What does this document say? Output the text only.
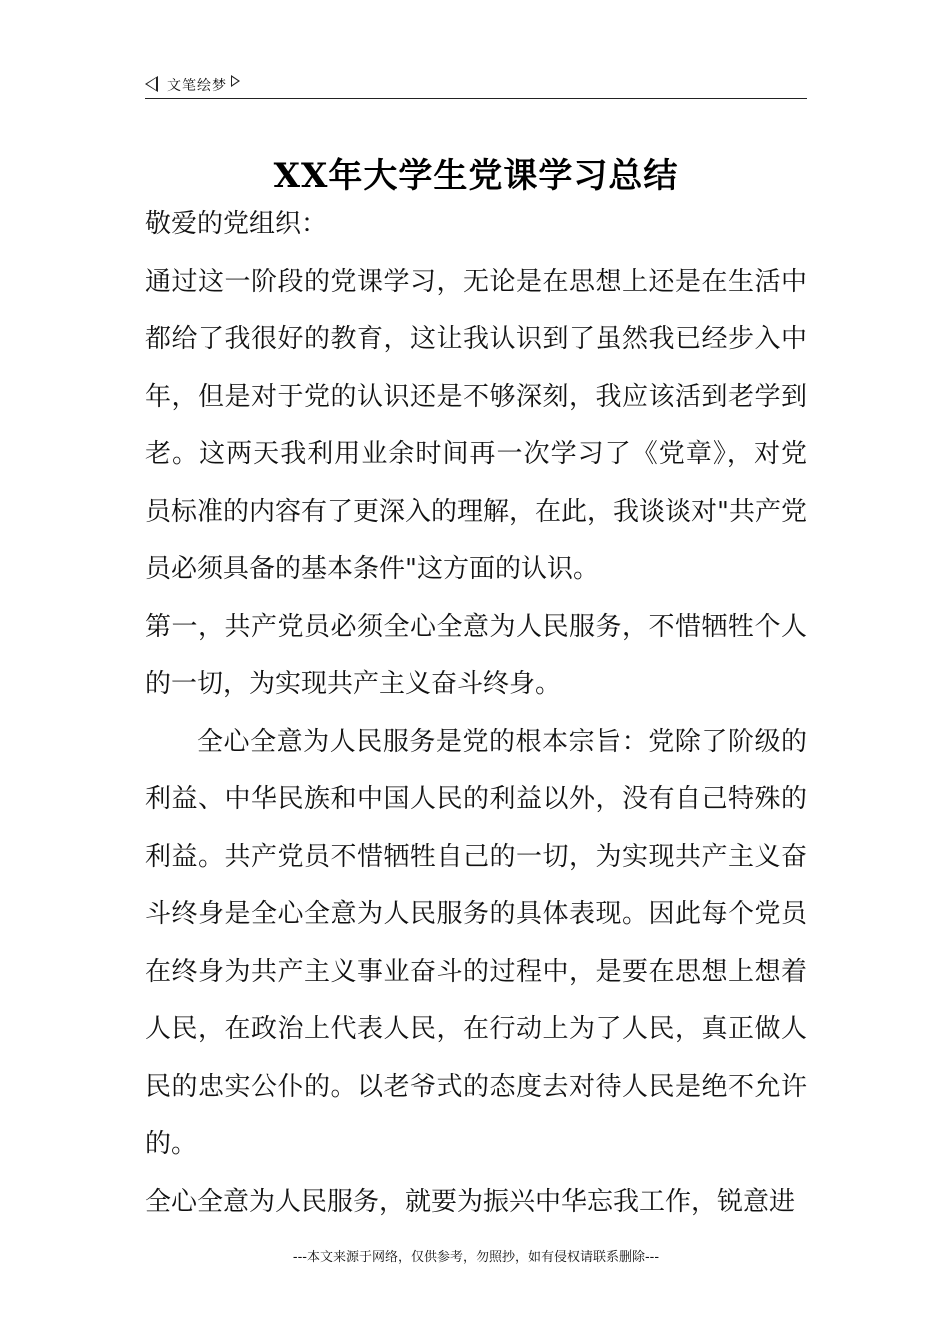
文笔绘梦
XX年大学生党课学习总结

敬爱的党组织：

通过这一阶段的党课学习，无论是在思想上还是在生活中都给了我很好的教育，这让我认识到了虽然我已经步入中年，但是对于党的认识还是不够深刻，我应该活到老学到老。这两天我利用业余时间再一次学习了《党章》，对党员标准的内容有了更深入的理解，在此，我谈谈对"共产党员必须具备的基本条件"这方面的认识。

第一，共产党员必须全心全意为人民服务，不惜牺牲个人的一切，为实现共产主义奋斗终身。

全心全意为人民服务是党的根本宗旨：党除了阶级的利益、中华民族和中国人民的利益以外，没有自己特殊的利益。共产党员不惜牺牲自己的一切，为实现共产主义奋斗终身是全心全意为人民服务的具体表现。因此每个党员在终身为共产主义事业奋斗的过程中，是要在思想上想着人民，在政治上代表人民，在行动上为了人民，真正做人民的忠实公仆的。以老爷式的态度去对待人民是绝不允许的。

全心全意为人民服务，就要为振兴中华忘我工作，锐意进

---本文来源于网络，仅供参考，勿照抄，如有侵权请联系删除---
